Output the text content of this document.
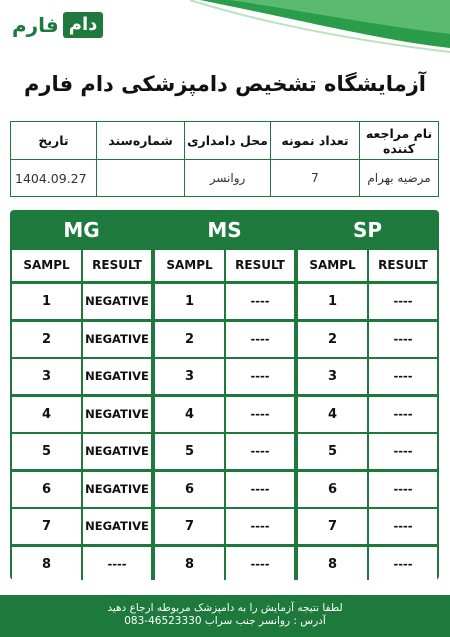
دام
فارم
آزمایشگاه تشخیص دامپزشکی دام فارم
نام مراجعه کننده	تعداد نمونه	محل دامداری	شماره‌سند	تاریخ
مرضیه بهرام	7	روانسر		1404.09.27
MG
SAMPL	RESULT
1	NEGATIVE
2	NEGATIVE
3	NEGATIVE
4	NEGATIVE
5	NEGATIVE
6	NEGATIVE
7	NEGATIVE
8	----
MS
SAMPL	RESULT
1	----
2	----
3	----
4	----
5	----
6	----
7	----
8	----
SP
SAMPL	RESULT
1	----
2	----
3	----
4	----
5	----
6	----
7	----
8	----
لطفا نتیجه آزمایش را به دامپزشک مربوطه ارجاع دهید
آدرس : روانسر جنب سراب 46523330-083
